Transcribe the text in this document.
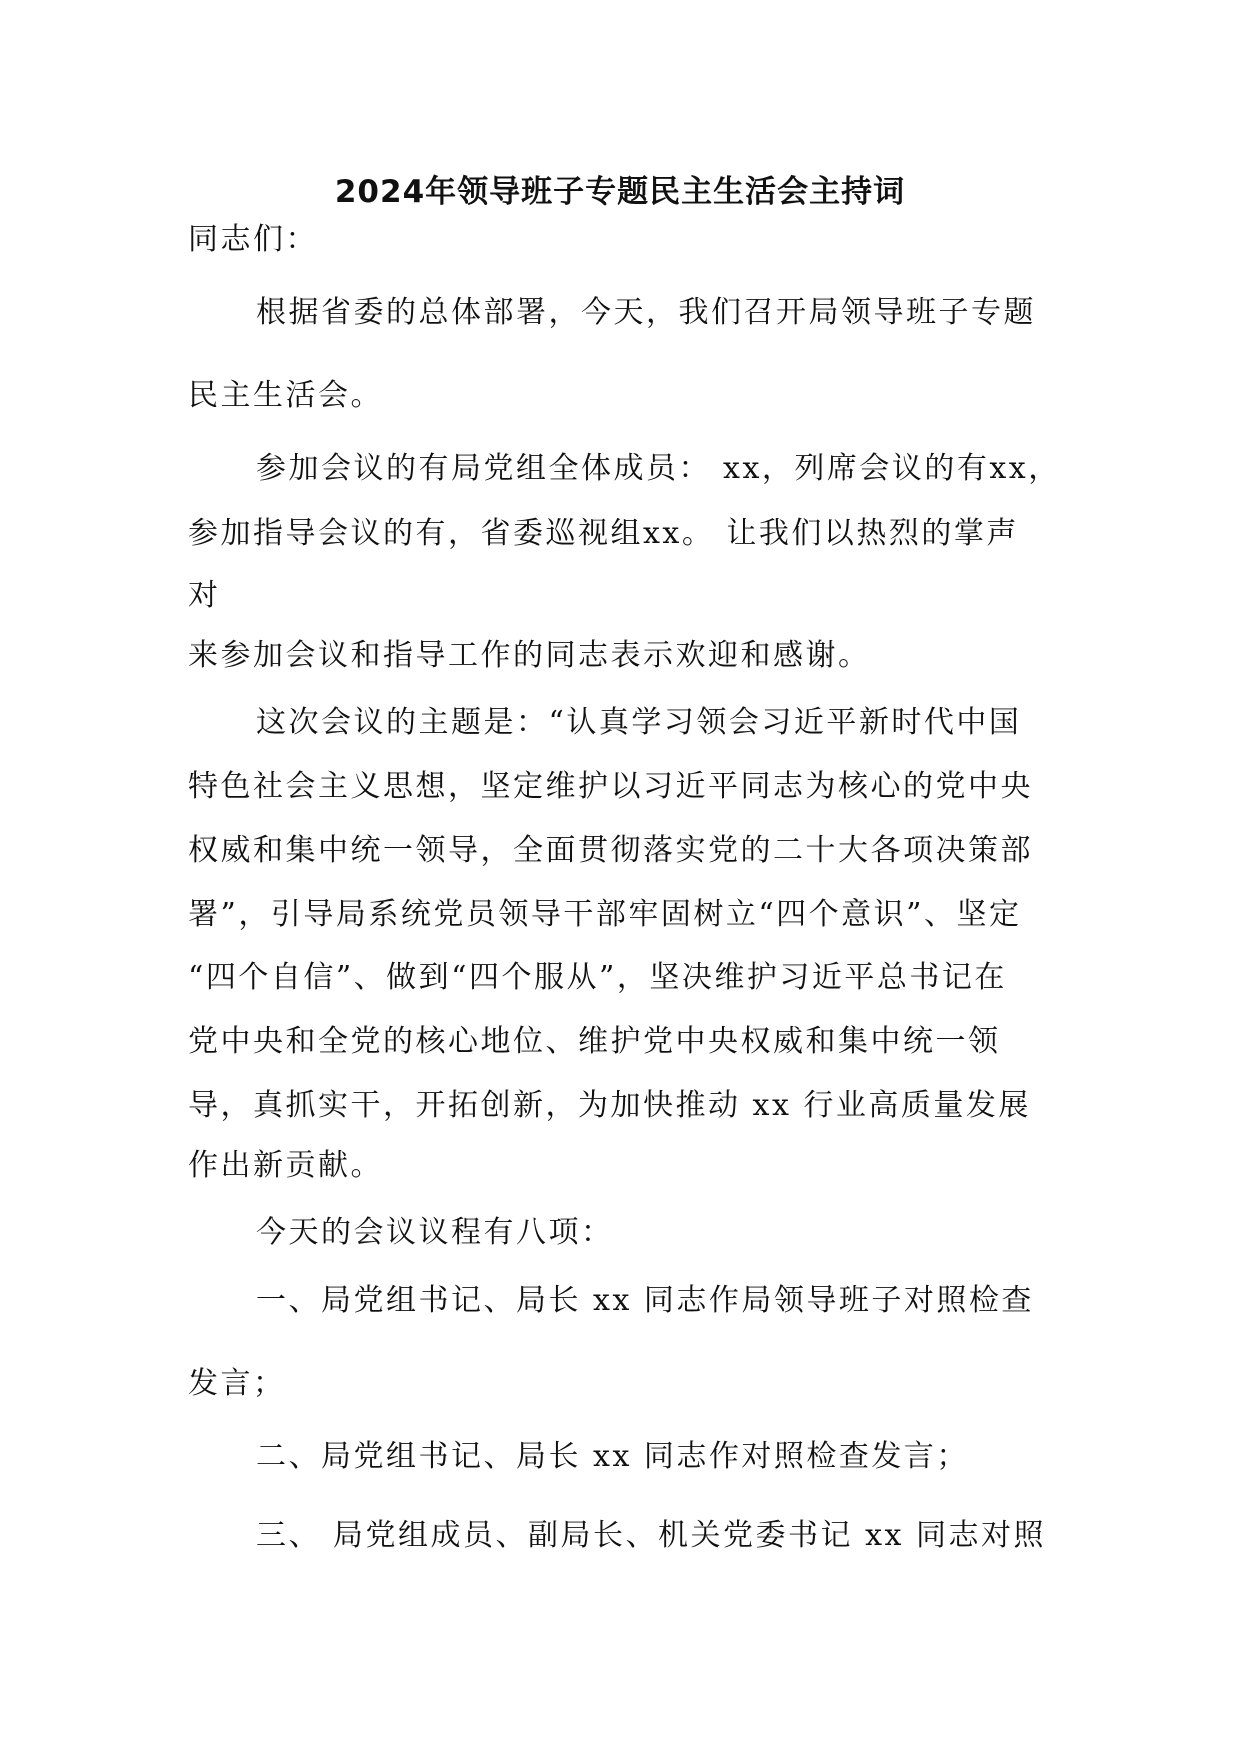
2024年领导班子专题民主生活会主持词
同志们：
根据省委的总体部署，今天，我们召开局领导班子专题
民主生活会。
参加会议的有局党组全体成员： xx，列席会议的有xx，
参加指导会议的有，省委巡视组xx。 让我们以热烈的掌声
对
来参加会议和指导工作的同志表示欢迎和感谢。
这次会议的主题是：“认真学习领会习近平新时代中国
特色社会主义思想，坚定维护以习近平同志为核心的党中央
权威和集中统一领导，全面贯彻落实党的二十大各项决策部
署”，引导局系统党员领导干部牢固树立“四个意识”、坚定
“四个自信”、做到“四个服从”，坚决维护习近平总书记在
党中央和全党的核心地位、维护党中央权威和集中统一领
导，真抓实干，开拓创新，为加快推动 xx 行业高质量发展
作出新贡献。
今天的会议议程有八项：
一、局党组书记、局长 xx 同志作局领导班子对照检查
发言；
二、局党组书记、局长 xx 同志作对照检查发言；
三、 局党组成员、副局长、机关党委书记 xx 同志对照
